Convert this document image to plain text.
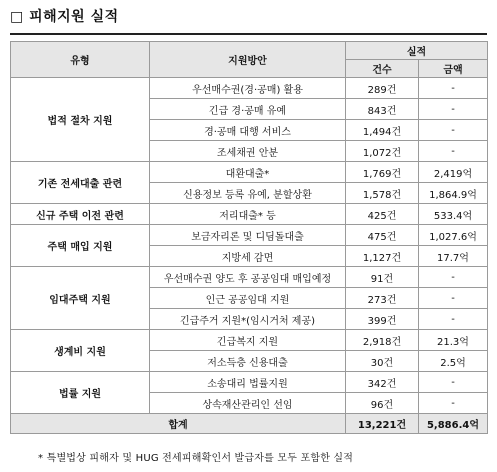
□ 피해지원 실적
유형	지원방안	실적	
		건수	금액
법적 절차 지원	우선매수권(경·공매) 활용	289건	-
	긴급 경·공매 유예	843건	-
	경·공매 대행 서비스	1,494건	-
	조세채권 안분	1,072건	-
기존 전세대출 관련	대환대출*	1,769건	2,419억
	신용정보 등록 유예, 분할상환	1,578건	1,864.9억
신규 주택 이전 관련	저리대출* 등	425건	533.4억
주택 매입 지원	보금자리론 및 디딤돌대출	475건	1,027.6억
	지방세 감면	1,127건	17.7억
임대주택 지원	우선매수권 양도 후 공공임대 매입예정	91건	-
	인근 공공임대 지원	273건	-
	긴급주거 지원*(임시거처 제공)	399건	-
생계비 지원	긴급복지 지원	2,918건	21.3억
	저소득층 신용대출	30건	2.5억
법률 지원	소송대리 법률지원	342건	-
	상속재산관리인 선임	96건	-
합계		13,221건	5,886.4억
* 특별법상 피해자 및 HUG 전세피해확인서 발급자를 모두 포함한 실적
